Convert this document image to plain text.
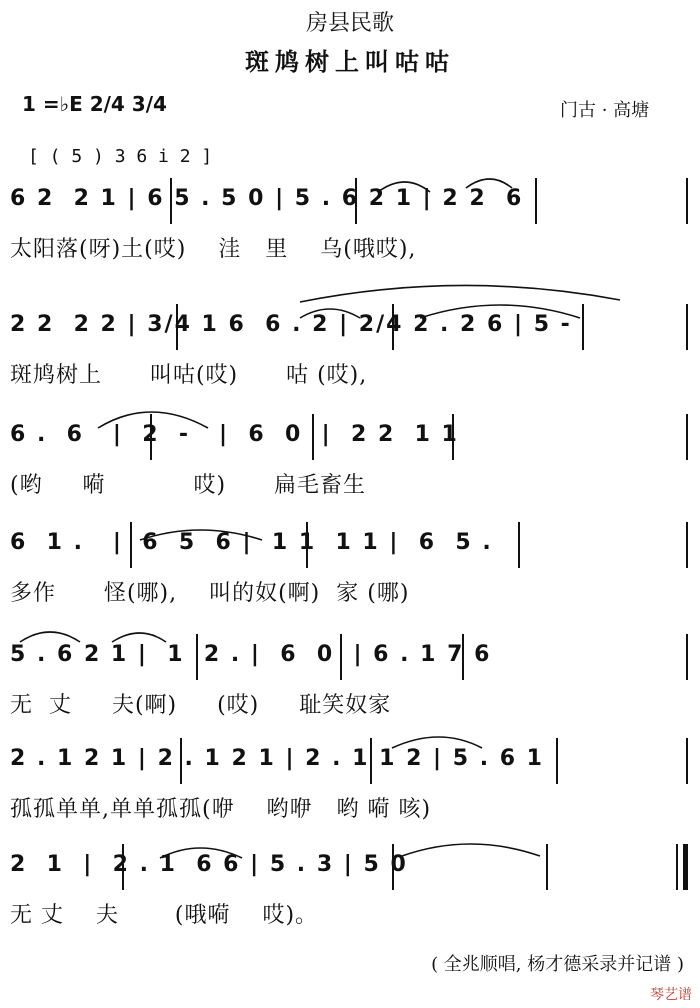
房县民歌
斑鸠树上叫咕咕
1 =♭E 2/4 3/4	门古 · 高塘
[ ( 5 ) 3 6 i 2 ]
6 2  2 1 | 6 5 . 5 0 | 5 . 6 2 1 | 2 2  6
太阳落(呀)土(哎)    洼   里    乌(哦哎),
2 2  2 2 | 3/4 1 6  6 . 2 | 2/4 2 . 2 6 | 5 -
斑鸠树上      叫咕(哎)      咕 (哎),
6 .  6   |  2  -   |  6  0  |  2 2  1 1
(哟     嗬           哎)      扁毛畜生
6  1 .   |  6  5  6 |  1 1  1 1 |  6  5 .
多作      怪(哪),    叫的奴(啊)  家 (哪)
5 . 6 2 1 |  1  2 . |  6  0  | 6 . 1 7 6
无  丈     夫(啊)     (哎)     耻笑奴家
2 . 1 2 1 | 2 . 1 2 1 | 2 . 1 1 2 | 5 . 6 1
孤孤单单,单单孤孤(咿    哟咿   哟 嗬 咳)
2  1  |  2 . 1  6 6 | 5 . 3 | 5 0
无 丈    夫       (哦嗬    哎)。
( 全兆顺唱, 杨才德采录并记谱 )
琴艺谱
